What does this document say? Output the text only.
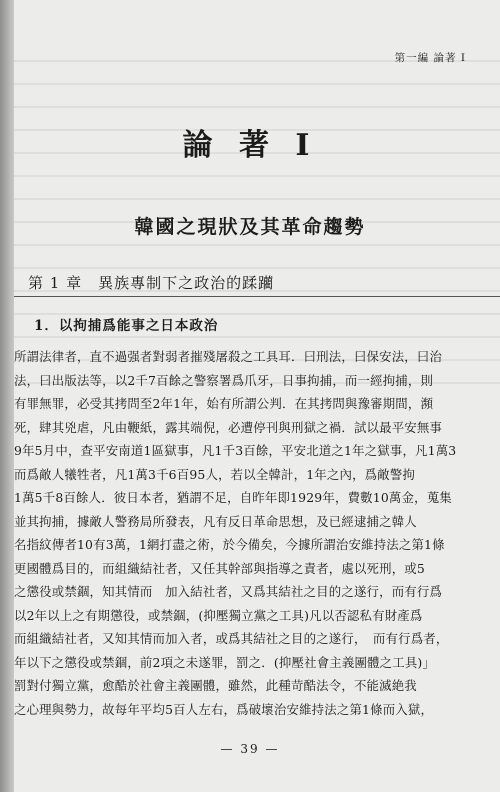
第一編 論著 I
論 著 I
韓國之現狀及其革命趨勢
第 1 章　異族專制下之政治的蹂躪
1．以拘捕爲能事之日本政治
所謂法律者，直不過强者對弱者摧殘屠殺之工具耳．曰刑法，曰保安法，曰治
法，曰出版法等，以2千7百餘之警察署爲爪牙，日事拘捕，而一經拘捕，則
有罪無罪，必受其拷問至2年1年，始有所謂公判．在其拷問與豫審期間，瀕
死，肆其兇虐，凡由鞭紙，露其端倪，必遭停刊與刑獄之禍．試以最平安無事
9年5月中，查平安南道1區獄事，凡1千3百餘，平安北道之1年之獄事，凡1萬3
而爲敵人犧牲者，凡1萬3千6百95人，若以全韓計，1年之內，爲敵警拘
1萬5千8百餘人．彼日本者，猶謂不足，自昨年即1929年，費數10萬金，蒐集
並其拘捕，據敵人警務局所發表，凡有反日革命思想，及已經逮捕之韓人
名指紋傳者10有3萬，1網打盡之術，於今備矣，今據所謂治安維持法之第1條
更國體爲目的，而組織結社者，又任其幹部與指導之責者，處以死刑，或5
之懲役或禁錮，知其情而　加入結社者，又爲其結社之目的之遂行，而有行爲
以2年以上之有期懲役，或禁錮，(抑壓獨立黨之工具)凡以否認私有財產爲
而組織結社者，又知其情而加入者，或爲其結社之目的之遂行，　而有行爲者，
年以下之懲役或禁錮，前2項之未遂罪，罰之．(抑壓社會主義團體之工具)」
罰對付獨立黨，愈酷於社會主義團體，雖然，此種苛酷法令，不能滅絶我
之心理與勢力，故每年平均5百人左右，爲破壞治安維持法之第1條而入獄，
— 39 —
